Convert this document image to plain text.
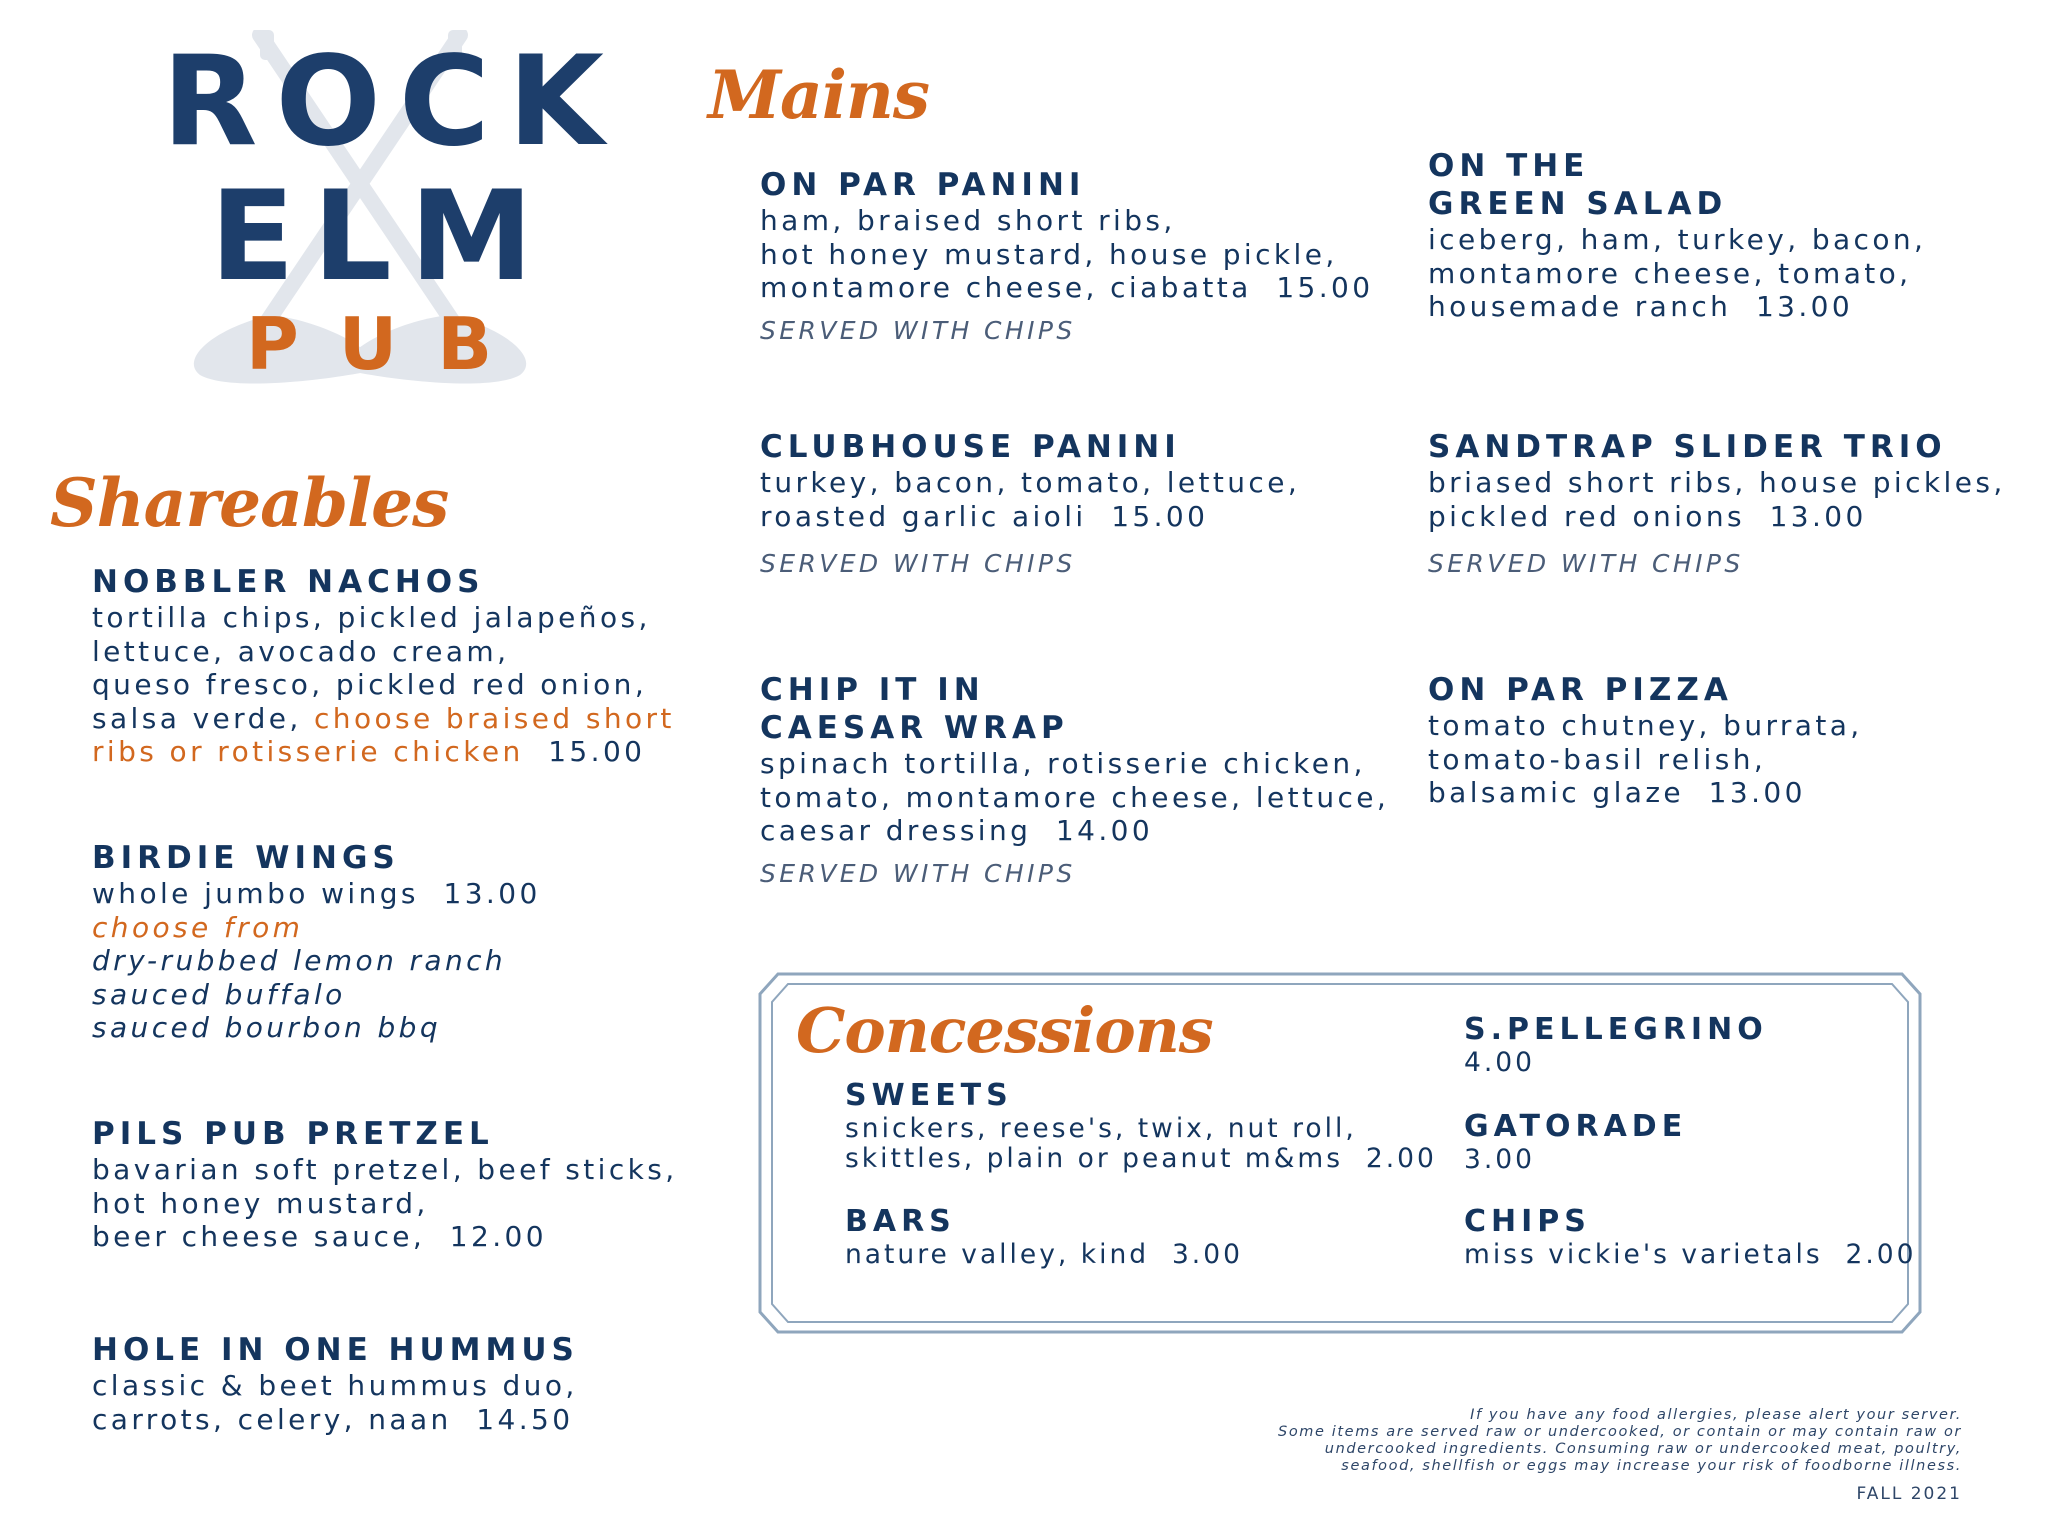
ROCK
ELM
PUB
Mains
Shareables
NOBBLER NACHOS
tortilla chips, pickled jalapeños,
lettuce, avocado cream,
queso fresco, pickled red onion,
salsa verde, choose braised short
ribs or rotisserie chicken 15.00
BIRDIE WINGS
whole jumbo wings 13.00
choose from
dry-rubbed lemon ranch
sauced buffalo
sauced bourbon bbq
PILS PUB PRETZEL
bavarian soft pretzel, beef sticks,
hot honey mustard,
beer cheese sauce, 12.00
HOLE IN ONE HUMMUS
classic & beet hummus duo,
carrots, celery, naan 14.50
ON PAR PANINI
ham, braised short ribs,
hot honey mustard, house pickle,
montamore cheese, ciabatta 15.00
SERVED WITH CHIPS
ON THE
GREEN SALAD
iceberg, ham, turkey, bacon,
montamore cheese, tomato,
housemade ranch 13.00
CLUBHOUSE PANINI
turkey, bacon, tomato, lettuce,
roasted garlic aioli 15.00
SERVED WITH CHIPS
SANDTRAP SLIDER TRIO
briased short ribs, house pickles,
pickled red onions 13.00
SERVED WITH CHIPS
CHIP IT IN
CAESAR WRAP
spinach tortilla, rotisserie chicken,
tomato, montamore cheese, lettuce,
caesar dressing 14.00
SERVED WITH CHIPS
ON PAR PIZZA
tomato chutney, burrata,
tomato-basil relish,
balsamic glaze 13.00
Concessions
SWEETS
snickers, reese's, twix, nut roll,
skittles, plain or peanut m&ms 2.00
BARS
nature valley, kind 3.00
S.PELLEGRINO
4.00
GATORADE
3.00
CHIPS
miss vickie's varietals 2.00
If you have any food allergies, please alert your server.
Some items are served raw or undercooked, or contain or may contain raw or
undercooked ingredients. Consuming raw or undercooked meat, poultry,
seafood, shellfish or eggs may increase your risk of foodborne illness.
FALL 2021
